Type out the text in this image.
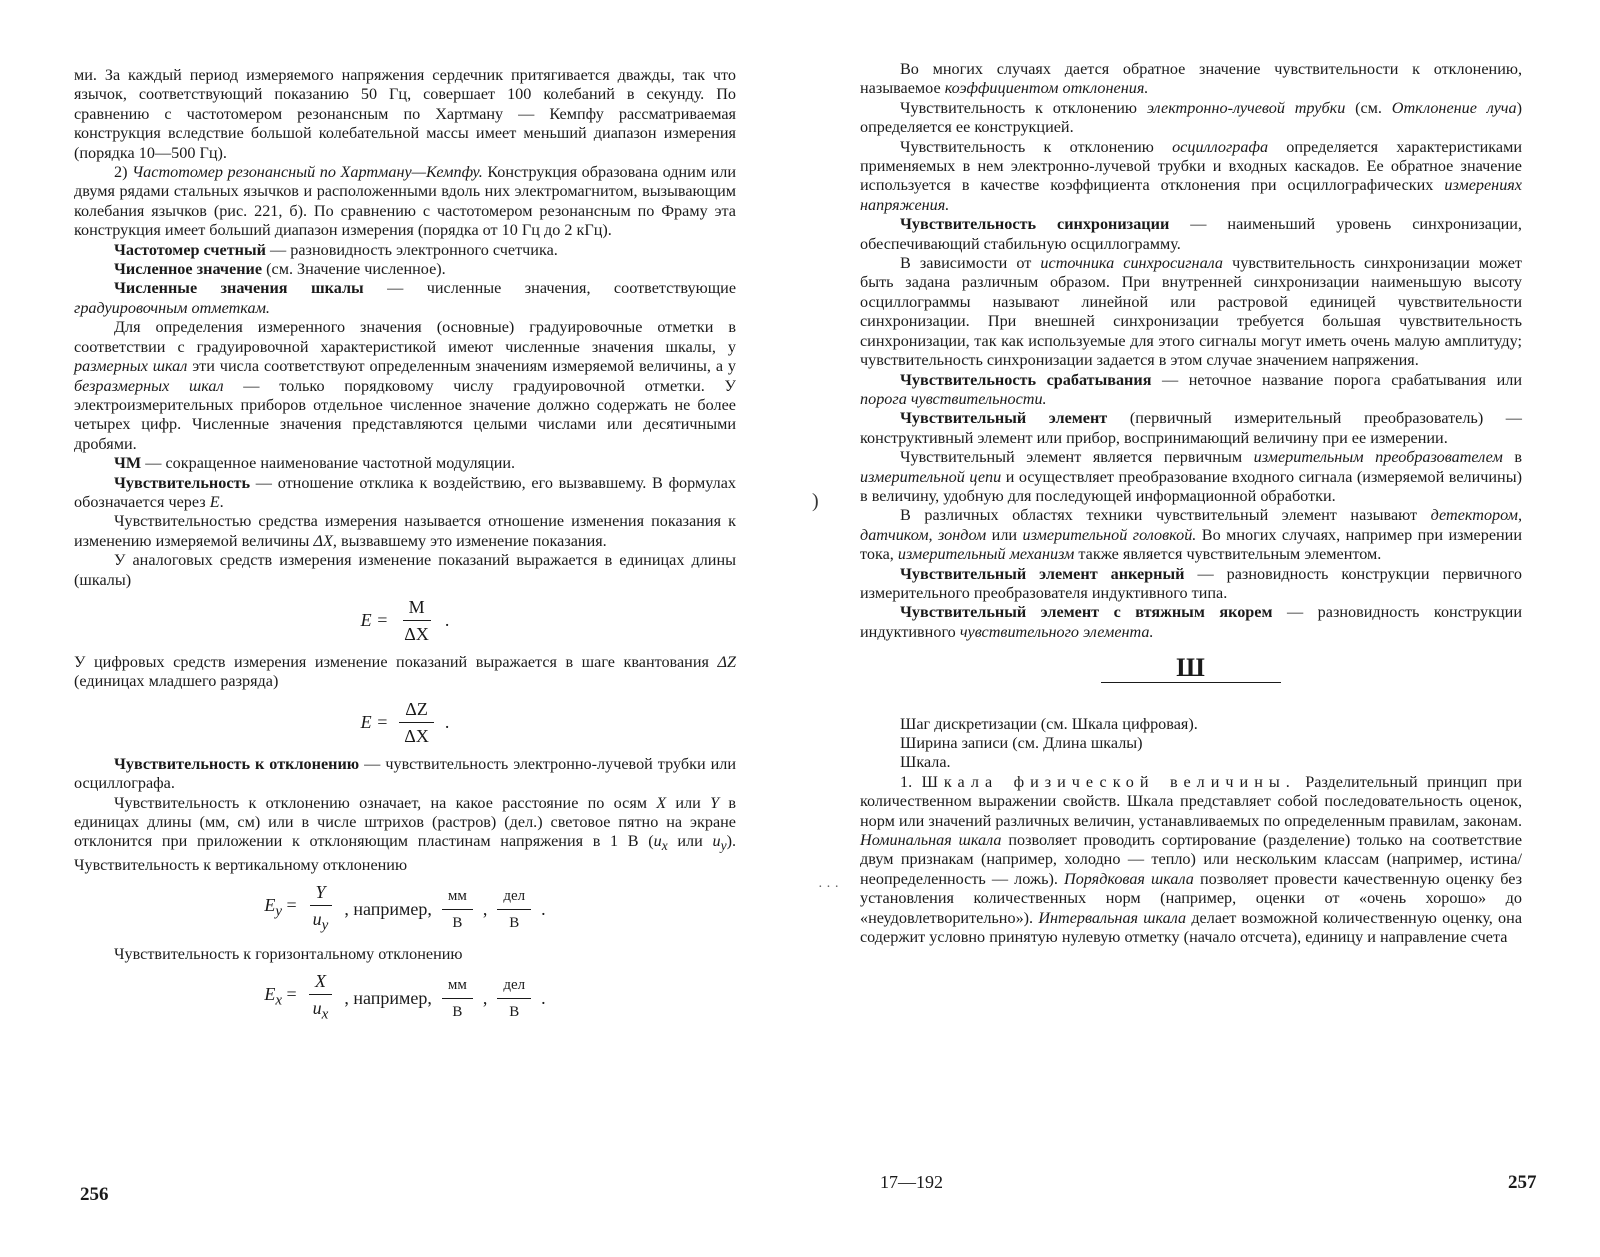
ми. За каждый период измеряемого напряжения сердечник притягивается дважды, так что язычок, соответствующий показанию 50 Гц, совершает 100 колебаний в секунду. По сравнению с частотомером резонансным по Хартману — Кемпфу рассматриваемая конструкция вследствие большой колебательной массы имеет меньший диапазон измерения (порядка 10—500 Гц).

2) Частотомер резонансный по Хартману—Кемпфу. Конструкция образована одним или двумя рядами стальных язычков и расположенными вдоль них электромагнитом, вызывающим колебания язычков (рис. 221, б). По сравнению с частотомером резонансным по Фраму эта конструкция имеет больший диапазон измерения (порядка от 10 Гц до 2 кГц).

Частотомер счетный — разновидность электронного счетчика.

Численное значение (см. Значение численное).

Численные значения шкалы — численные значения, соответствующие градуировочным отметкам.

Для определения измеренного значения (основные) градуировочные отметки в соответствии с градуировочной характеристикой имеют численные значения шкалы, у размерных шкал эти числа соответствуют определенным значениям измеряемой величины, а у безразмерных шкал — только порядковому числу градуировочной отметки. У электроизмерительных приборов отдельное численное значение должно содержать не более четырех цифр. Численные значения представляются целыми числами или десятичными дробями.

ЧМ — сокращенное наименование частотной модуляции.

Чувствительность — отношение отклика к воздействию, его вызвавшему. В формулах обозначается через E.

Чувствительностью средства измерения называется отношение изменения показания к изменению измеряемой величины ΔX, вызвавшему это изменение показания.

У аналоговых средств измерения изменение показаний выражается в единицах длины (шкалы)

$E = \frac{M}{\Delta X}$ .

У цифровых средств измерения изменение показаний выражается в шаге квантования ΔZ (единицах младшего разряда)

$E = \frac{\Delta Z}{\Delta X}$ .

Чувствительность к отклонению — чувствительность электронно-лучевой трубки или осциллографа.

Чувствительность к отклонению означает, на какое расстояние по осям X или Y в единицах длины (мм, см) или в числе штрихов (растров) (дел.) световое пятно на экране отклонится при приложении к отклоняющим пластинам напряжения в 1 В ($u_x$ или $u_y$). Чувствительность к вертикальному отклонению

$E_y = \frac{Y}{u_y}$ , например, $\frac{мм}{В}$ , $\frac{\text{дел}}{В}$ .

Чувствительность к горизонтальному отклонению

$E_x = \frac{X}{u_x}$ , например, $\frac{мм}{В}$ , $\frac{\text{дел}}{В}$ .
256
)
· · ·

Во многих случаях дается обратное значение чувствительности к отклонению, называемое коэффициентом отклонения.

Чувствительность к отклонению электронно-лучевой трубки (см. Отклонение луча) определяется ее конструкцией.

Чувствительность к отклонению осциллографа определяется характеристиками применяемых в нем электронно-лучевой трубки и входных каскадов. Ее обратное значение используется в качестве коэффициента отклонения при осциллографических измерениях напряжения.

Чувствительность синхронизации — наименьший уровень синхронизации, обеспечивающий стабильную осциллограмму.

В зависимости от источника синхросигнала чувствительность синхронизации может быть задана различным образом. При внутренней синхронизации наименьшую высоту осциллограммы называют линейной или растровой единицей чувствительности синхронизации. При внешней синхронизации требуется большая чувствительность синхронизации, так как используемые для этого сигналы могут иметь очень малую амплитуду; чувствительность синхронизации задается в этом случае значением напряжения.

Чувствительность срабатывания — неточное название порога срабатывания или порога чувствительности.

Чувствительный элемент (первичный измерительный преобразователь) — конструктивный элемент или прибор, воспринимающий величину при ее измерении.

Чувствительный элемент является первичным измерительным преобразователем в измерительной цепи и осуществляет преобразование входного сигнала (измеряемой величины) в величину, удобную для последующей информационной обработки.

В различных областях техники чувствительный элемент называют детектором, датчиком, зондом или измерительной головкой. Во многих случаях, например при измерении тока, измерительный механизм также является чувствительным элементом.

Чувствительный элемент анкерный — разновидность конструкции первичного измерительного преобразователя индуктивного типа.

Чувствительный элемент с втяжным якорем — разновидность конструкции индуктивного чувствительного элемента.

Ш

Шаг дискретизации (см. Шкала цифровая).

Ширина записи (см. Длина шкалы)

Шкала.

1. Шкала физической величины. Разделительный принцип при количественном выражении свойств. Шкала представляет собой последовательность оценок, норм или значений различных величин, устанавливаемых по определенным правилам, законам. Номинальная шкала позволяет проводить сортирование (разделение) только на соответствие двум признакам (например, холодно — тепло) или нескольким классам (например, истина/неопределенность — ложь). Порядковая шкала позволяет провести качественную оценку без установления количественных норм (например, оценки от «очень хорошо» до «неудовлетворительно»). Интервальная шкала делает возможной количественную оценку, она содержит условно принятую нулевую отметку (начало отсчета), единицу и направление счета

17—192	257
